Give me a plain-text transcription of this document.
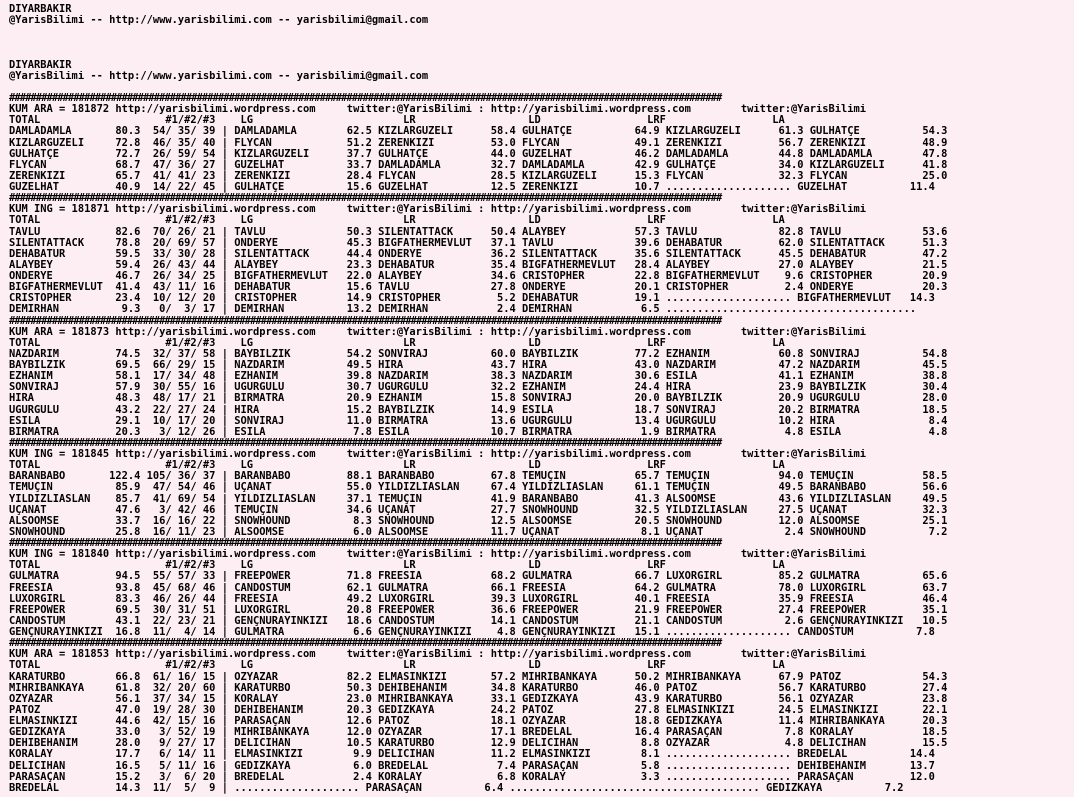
DIYARBAKIR
@YarisBilimi -- http://www.yarisbilimi.com -- yarisbilimi@gmail.com
DIYARBAKIR
@YarisBilimi -- http://www.yarisbilimi.com -- yarisbilimi@gmail.com
#####################################################################################################################################
KUM ARA = 181872 http://yarisbilimi.wordpress.com     twitter:@YarisBilimi : http://yarisbilimi.wordpress.com        twitter:@YarisBilimi
TOTAL                    #1/#2/#3    LG                        LR                  LD                 LRF                 LA
DAMLADAMLA       80.3  54/ 35/ 39 | DAMLADAMLA        62.5 KIZLARGÜZELİ      58.4 GULHATÇE          64.9 KIZLARGÜZELİ      61.3 GULHATÇE          54.3
KIZLARGÜZELİ     72.8  46/ 35/ 40 | FLYCAN            51.2 ZERENKIZI         53.0 FLYCAN            49.1 ZERENKIZI         56.7 ZERENKIZI         48.9
GULHATÇE         72.7  26/ 59/ 54 | KIZLARGÜZELİ      37.7 GULHATÇE          44.0 GÜZELHAT          46.2 DAMLADAMLA        44.8 DAMLADAMLA        47.8
FLYCAN           68.7  47/ 36/ 27 | GÜZELHAT          33.7 DAMLADAMLA        32.7 DAMLADAMLA        42.9 GULHATÇE          34.0 KIZLARGÜZELİ      41.8
ZERENKIZI        65.7  41/ 41/ 23 | ZERENKIZI         28.4 FLYCAN            28.5 KIZLARGÜZELİ      15.3 FLYCAN            32.3 FLYCAN            25.0
GÜZELHAT         40.9  14/ 22/ 45 | GULHATÇE          15.6 GÜZELHAT          12.5 ZERENKIZI         10.7 .................... GÜZELHAT          11.4
#####################################################################################################################################
KUM ING = 181871 http://yarisbilimi.wordpress.com     twitter:@YarisBilimi : http://yarisbilimi.wordpress.com        twitter:@YarisBilimi
TOTAL                    #1/#2/#3    LG                        LR                  LD                 LRF                 LA
TAVLU            82.6  70/ 26/ 21 | TAVLU             50.3 SILENTATTACK      50.4 ALAYBEY           57.3 TAVLU             82.8 TAVLU             53.6
SILENTATTACK     78.8  20/ 69/ 57 | ÖNDERYE           45.3 BIGFATHERMEVLÜT   37.1 TAVLU             39.6 DEHABATUR         62.0 SILENTATTACK      51.3
DEHABATUR        59.5  33/ 30/ 28 | SILENTATTACK      44.4 ÖNDERYE           36.2 SILENTATTACK      35.6 SILENTATTACK      45.5 DEHABATUR         47.2
ALAYBEY          59.4  26/ 43/ 44 | ALAYBEY           23.3 DEHABATUR         35.4 BIGFATHERMEVLÜT   28.4 ALAYBEY           27.0 ALAYBEY           21.5
ÖNDERYE          46.7  26/ 34/ 25 | BIGFATHERMEVLÜT   22.0 ALAYBEY           34.6 CRISTOPHER        22.8 BIGFATHERMEVLÜT    9.6 CRISTOPHER        20.9
BIGFATHERMEVLÜT  41.4  43/ 11/ 16 | DEHABATUR         15.6 TAVLU             27.8 ÖNDERYE           20.1 CRISTOPHER         2.4 ÖNDERYE           20.3
CRISTOPHER       23.4  10/ 12/ 20 | CRISTOPHER        14.9 CRISTOPHER         5.2 DEHABATUR         19.1 .................... BIGFATHERMEVLÜT   14.3
DEMIRHAN          9.3   0/  3/ 17 | DEMIRHAN          13.2 DEMIRHAN           2.4 DEMIRHAN           6.5 ........................................
#####################################################################################################################################
KUM ARA = 181873 http://yarisbilimi.wordpress.com     twitter:@YarisBilimi : http://yarisbilimi.wordpress.com        twitter:@YarisBilimi
TOTAL                    #1/#2/#3    LG                        LR                  LD                 LRF                 LA
NAZDARIM         74.5  32/ 37/ 58 | BAYBİLZİK         54.2 SONVİRAJ          60.0 BAYBİLZİK         77.2 EZHANIM           60.8 SONVİRAJ          54.8
BAYBİLZİK        69.5  66/ 29/ 15 | NAZDARIM          49.5 HIRA              43.7 HIRA              43.0 NAZDARIM          47.2 NAZDARIM          45.5
EZHANIM          58.1  17/ 34/ 48 | EZHANIM           39.8 NAZDARIM          38.3 NAZDARIM          30.6 ESILA             41.1 EZHANIM           38.8
SONVİRAJ         57.9  30/ 55/ 16 | UĞURGÜLÜ          30.7 UĞURGÜLÜ          32.2 EZHANIM           24.4 HIRA              23.9 BAYBİLZİK         30.4
HIRA             48.3  48/ 17/ 21 | BIRMATRA          20.9 EZHANIM           15.8 SONVİRAJ          20.0 BAYBİLZİK         20.9 UĞURGÜLÜ          28.0
UĞURGÜLÜ         43.2  22/ 27/ 24 | HIRA              15.2 BAYBİLZİK         14.9 ESILA             18.7 SONVİRAJ          20.2 BIRMATRA          18.5
ESILA            29.1  10/ 17/ 20 | SONVİRAJ          11.0 BIRMATRA          13.6 UĞURGÜLÜ          13.4 UĞURGÜLÜ          10.2 HIRA               8.4
BIRMATRA         20.3   3/ 12/ 26 | ESILA              7.8 ESILA             10.7 BIRMATRA           1.9 BIRMATRA           4.8 ESILA              4.8
#####################################################################################################################################
KUM ING = 181845 http://yarisbilimi.wordpress.com     twitter:@YarisBilimi : http://yarisbilimi.wordpress.com        twitter:@YarisBilimi
TOTAL                    #1/#2/#3    LG                        LR                  LD                 LRF                 LA
BARANBABO       122.4 105/ 36/ 37 | BARANBABO         88.1 BARANBABO         67.8 TEMUÇİN           65.7 TEMUÇİN           94.0 TEMUÇİN           58.5
TEMUÇİN          85.9  47/ 54/ 46 | UÇANAT            55.0 YILDIZLIASLAN     67.4 YILDIZLIASLAN     61.1 TEMUÇİN           49.5 BARANBABO         56.6
YILDIZLIASLAN    85.7  41/ 69/ 54 | YILDIZLIASLAN     37.1 TEMUÇİN           41.9 BARANBABO         41.3 ALSOOMSE          43.6 YILDIZLIASLAN     49.5
UÇANAT           47.6   3/ 42/ 46 | TEMUÇİN           34.6 UÇANAT            27.7 SNOWHOUND         32.5 YILDIZLIASLAN     27.5 UÇANAT            32.3
ALSOOMSE         33.7  16/ 16/ 22 | SNOWHOUND          8.3 SNOWHOUND         12.5 ALSOOMSE          20.5 SNOWHOUND         12.0 ALSOOMSE          25.1
SNOWHOUND        25.8  16/ 11/ 23 | ALSOOMSE           6.0 ALSOOMSE          11.7 UÇANAT             8.1 UÇANAT             2.4 SNOWHOUND          7.2
#####################################################################################################################################
KUM ING = 181840 http://yarisbilimi.wordpress.com     twitter:@YarisBilimi : http://yarisbilimi.wordpress.com        twitter:@YarisBilimi
TOTAL                    #1/#2/#3    LG                        LR                  LD                 LRF                 LA
GULMATRA         94.5  55/ 57/ 33 | FREEPOWER         71.8 FREESIA           68.2 GULMATRA          66.7 LUXORGIRL         85.2 GULMATRA          65.6
FREESIA          93.8  45/ 68/ 46 | CANDOSTUM         62.1 GULMATRA          66.1 FREESIA           64.2 GULMATRA          78.0 LUXORGIRL         63.7
LUXORGIRL        83.3  46/ 26/ 44 | FREESIA           49.2 LUXORGIRL         39.3 LUXORGIRL         40.1 FREESIA           35.9 FREESIA           46.4
FREEPOWER        69.5  30/ 31/ 51 | LUXORGIRL         20.8 FREEPOWER         36.6 FREEPOWER         21.9 FREEPOWER         27.4 FREEPOWER         35.1
CANDOSTUM        43.1  22/ 23/ 21 | GENÇNURAYINKIZI   18.6 CANDOSTUM         14.1 CANDOSTUM         21.1 CANDOSTUM          2.6 GENÇNURAYINKIZI   10.5
GENÇNURAYINKIZI  16.8  11/  4/ 14 | GULMATRA           6.6 GENÇNURAYINKIZI    4.8 GENÇNURAYINKIZI   15.1 .................... CANDOSTUM          7.8
#####################################################################################################################################
KUM ARA = 181853 http://yarisbilimi.wordpress.com     twitter:@YarisBilimi : http://yarisbilimi.wordpress.com        twitter:@YarisBilimi
TOTAL                    #1/#2/#3    LG                        LR                  LD                 LRF                 LA
KARATURBO        66.8  61/ 16/ 15 | ÖZYAZAR           82.2 ELMASINKIZI       57.2 MİHRİBANKAYA      50.2 MİHRİBANKAYA      67.9 PATOZ             54.3
MİHRİBANKAYA     61.8  32/ 20/ 60 | KARATURBO         50.3 DEHİBEHANIM       34.8 KARATURBO         46.0 PATOZ             56.7 KARATURBO         27.4
ÖZYAZAR          56.1  37/ 34/ 15 | KORALAY           23.0 MİHRİBANKAYA      33.1 GEDİZKAYA         43.9 KARATURBO         56.1 ÖZYAZAR           23.8
PATOZ            47.0  19/ 28/ 30 | DEHİBEHANIM       20.3 GEDİZKAYA         24.2 PATOZ             27.8 ELMASINKIZI       24.5 ELMASINKIZI       22.1
ELMASINKIZI      44.6  42/ 15/ 16 | PARASAÇAN         12.6 PATOZ             18.1 ÖZYAZAR           18.8 GEDİZKAYA         11.4 MİHRİBANKAYA      20.3
GEDİZKAYA        33.0   3/ 52/ 19 | MİHRİBANKAYA      12.0 ÖZYAZAR           17.1 BREDELAL          16.4 PARASAÇAN          7.8 KORALAY           18.5
DEHİBEHANIM      28.0   9/ 27/ 17 | DELİCİHAN         10.5 KARATURBO         12.9 DELİCİHAN          8.8 ÖZYAZAR            4.8 DELİCİHAN         15.5
KORALAY          17.7   6/ 14/ 11 | ELMASINKIZI        9.9 DELİCİHAN         11.2 ELMASINKIZI        8.1 .................... BREDELAL          14.4
DELİCİHAN        16.5   5/ 11/ 16 | GEDİZKAYA          6.0 BREDELAL           7.4 PARASAÇAN          5.8 .................... DEHİBEHANIM       13.7
PARASAÇAN        15.2   3/  6/ 20 | BREDELAL           2.4 KORALAY            6.8 KORALAY            3.3 .................... PARASAÇAN         12.0
BREDELAL         14.3  11/  5/  9 | .................... PARASAÇAN          6.4 ........................................ GEDİZKAYA          7.2
